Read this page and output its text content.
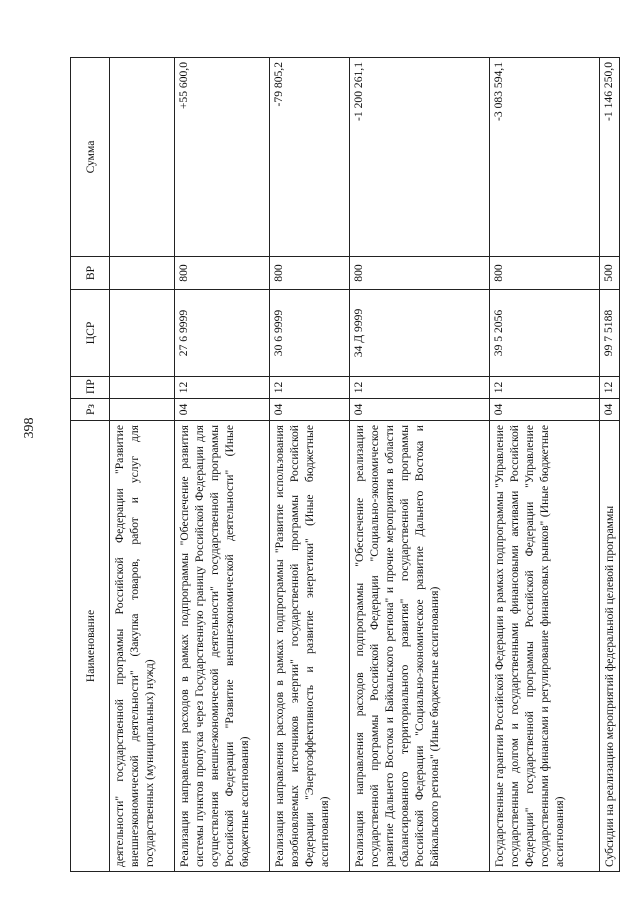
398
Наименование	Рз	ПР	ЦСР	ВР	Сумма
деятельности" государственной программы Российской Федерации "Развитие внешнеэкономической деятельности" (Закупка товаров, работ и услуг для государственных (муниципальных) нужд)					
Реализация направления расходов в рамках подпрограммы "Обеспечение развития системы пунктов пропуска через Государственную границу Российской Федерации для осуществления внешнеэкономической деятельности" государственной программы Российской Федерации "Развитие внешнеэкономической деятельности" (Иные бюджетные ассигнования)	04	12	27 6 9999	800	+55 600,0
Реализация направления расходов в рамках подпрограммы "Развитие использования возобновляемых источников энергии" государственной программы Российской Федерации "Энергоэффективность и развитие энергетики" (Иные бюджетные ассигнования)	04	12	30 6 9999	800	-79 805,2
Реализация направления расходов подпрограммы "Обеспечение реализации государственной программы Российской Федерации "Социально-экономическое развитие Дальнего Востока и Байкальского региона" и прочие мероприятия в области сбалансированного территориального развития" государственной программы Российской Федерации "Социально-экономическое развитие Дальнего Востока и Байкальского региона" (Иные бюджетные ассигнования)	04	12	34 Д 9999	800	-1 200 261,1
Государственные гарантии Российской Федерации в рамках подпрограммы "Управление государственным долгом и государственными финансовыми активами Российской Федерации" государственной программы Российской Федерации "Управление государственными финансами и регулирование финансовых рынков" (Иные бюджетные ассигнования)	04	12	39 5 2056	800	-3 083 594,1
Субсидии на реализацию мероприятий федеральной целевой программы	04	12	99 7 5188	500	-1 146 250,0
